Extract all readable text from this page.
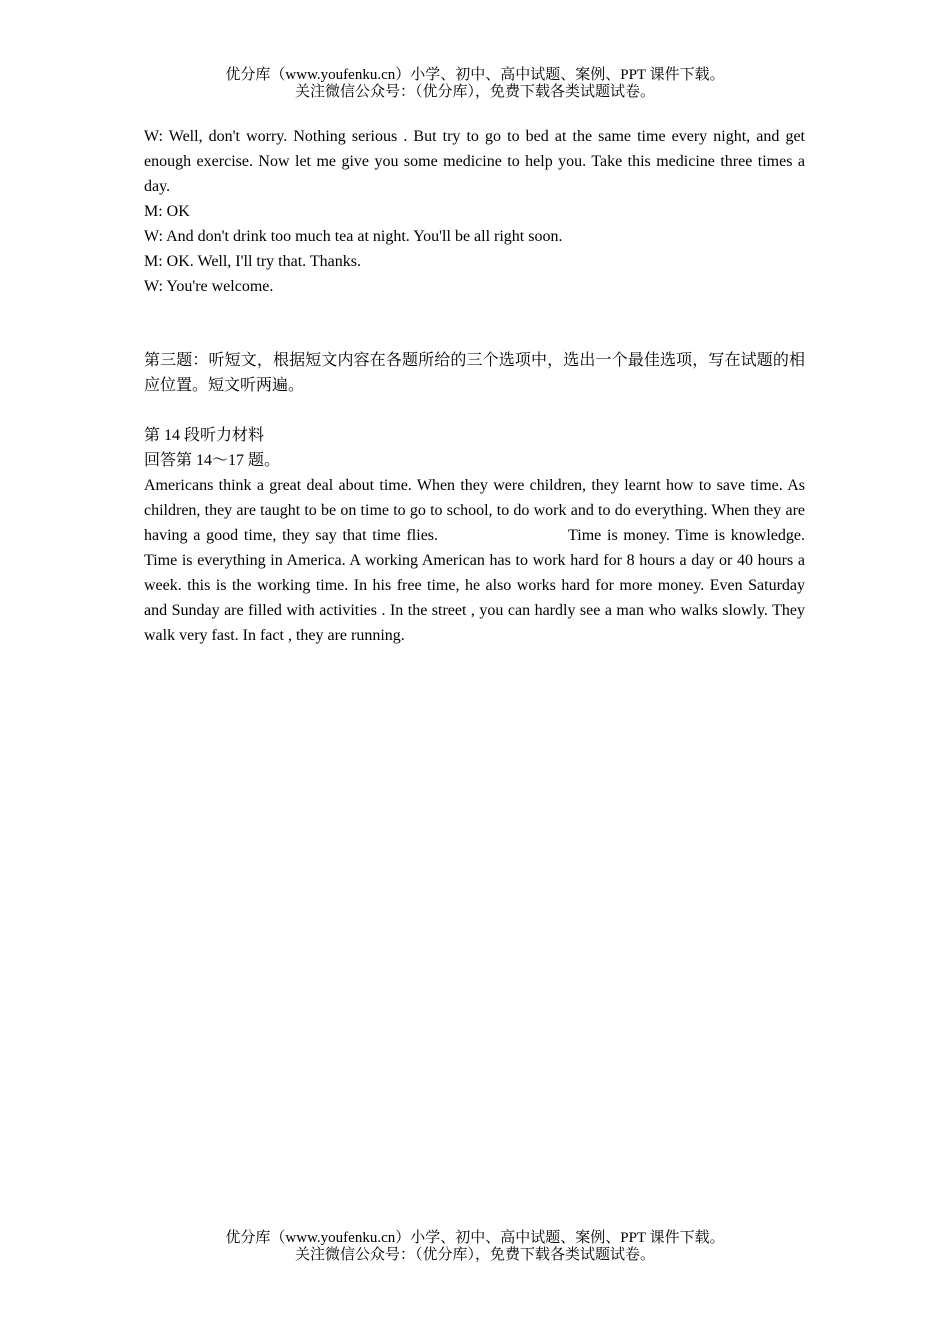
优分库（www.youfenku.cn）小学、初中、高中试题、案例、PPT 课件下载。
关注微信公众号：（优分库），免费下载各类试题试卷。

W: Well, don't worry. Nothing serious . But try to go to bed at the same time every night, and get enough exercise. Now let me give you some medicine to help you. Take this medicine three times a day.

M: OK

W: And don't drink too much tea at night. You'll be all right soon.

M: OK. Well, I'll try that. Thanks.

W: You're welcome.

第三题：听短文，根据短文内容在各题所给的三个选项中，选出一个最佳选项，写在试题的相应位置。短文听两遍。

第 14 段听力材料

回答第 14～17 题。

Americans think a great deal about time. When they were children, they learnt how to save time. As children, they are taught to be on time to go to school, to do work and to do everything. When they are having a good time, they say that time flies.	Time is money. Time is knowledge. Time is everything in America. A working American has to work hard for 8 hours a day or 40 hours a week. this is the working time. In his free time, he also works hard for more money. Even Saturday and Sunday are filled with activities . In the street , you can hardly see a man who walks slowly. They walk very fast. In fact , they are running.

优分库（www.youfenku.cn）小学、初中、高中试题、案例、PPT 课件下载。
关注微信公众号：（优分库），免费下载各类试题试卷。
